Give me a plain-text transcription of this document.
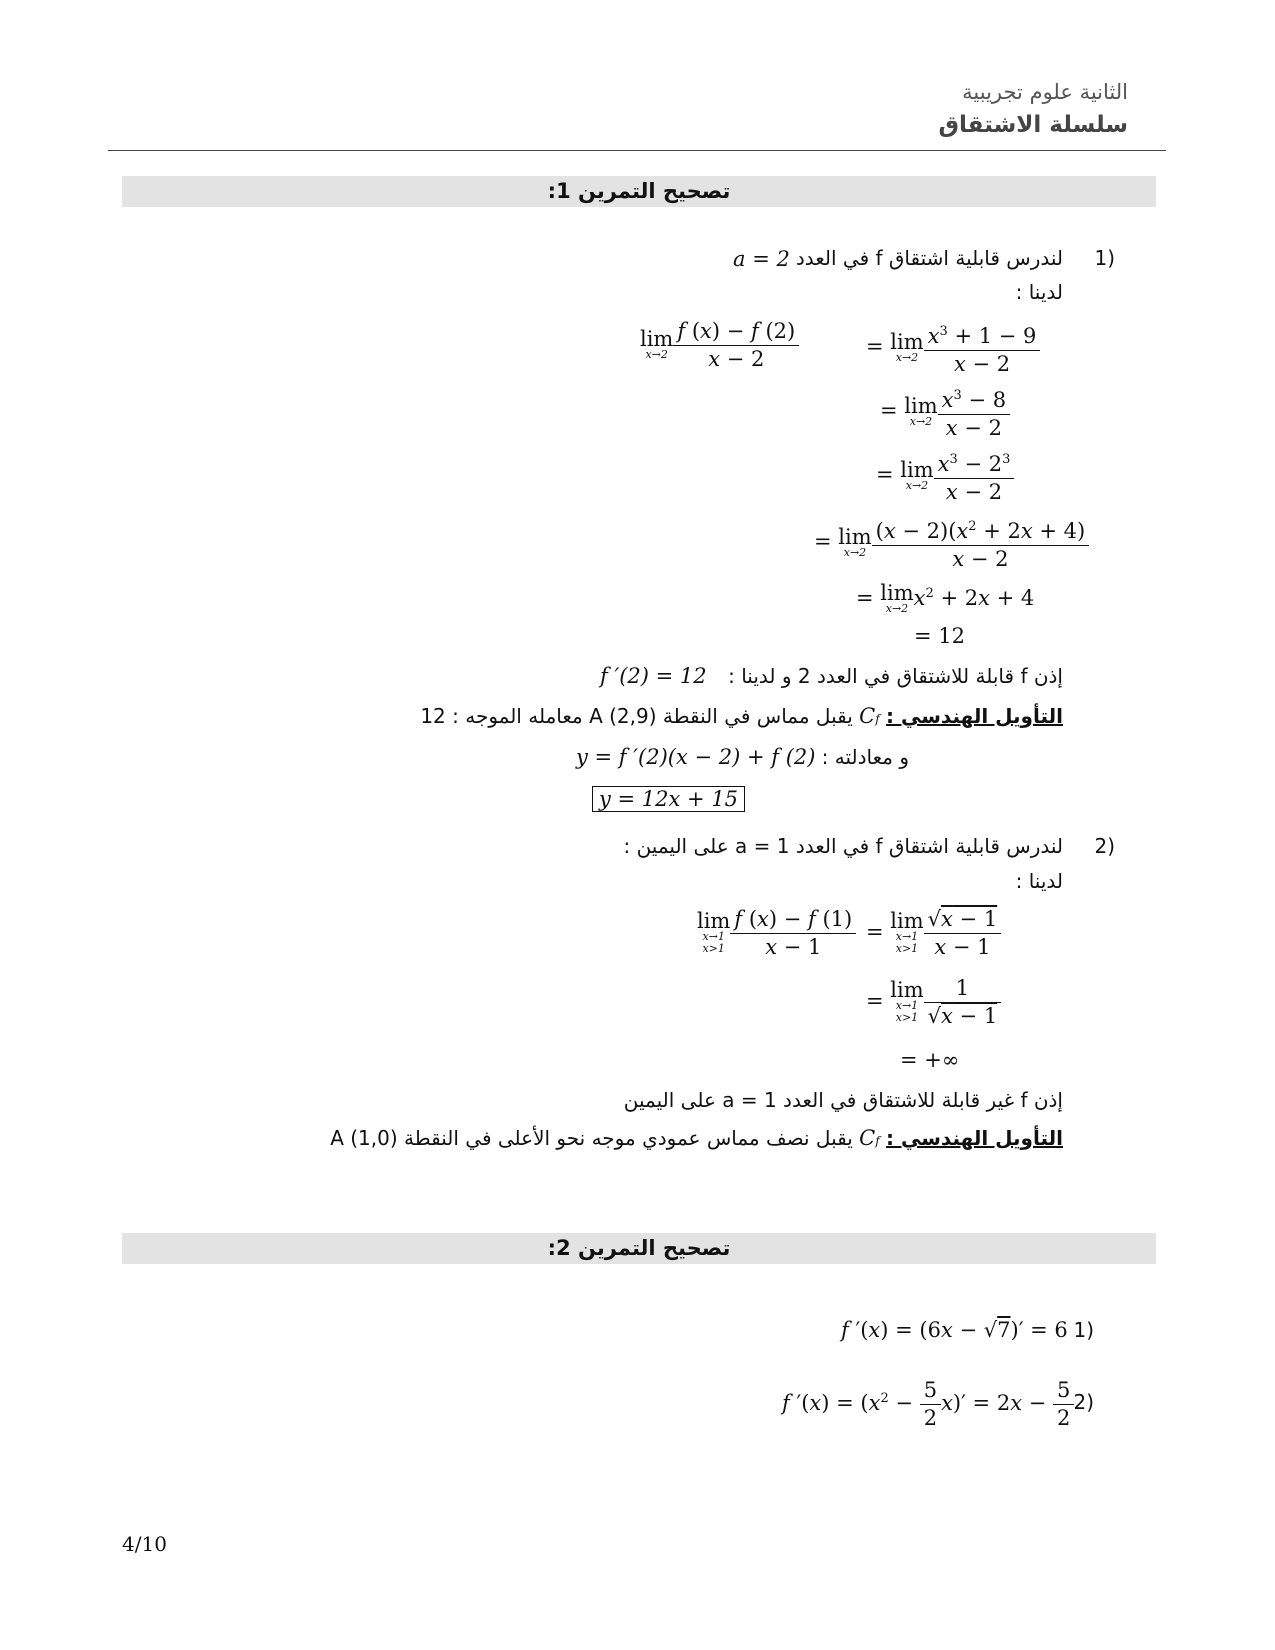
الثانية علوم تجريبية
سلسلة الاشتقاق
تصحيح التمرين 1:
(1
لندرس قابلية اشتقاق f في العدد
a = 2
لدينا :
lim
$x\to 2 \frac{f (x) - f (2)}{x - 2}$	= lim
$x\to 2 \frac{x^3 + 1 - 9}{x - 2}$
= lim
$x\to 2 \frac{x^3 - 8}{x - 2}$
= lim
$x\to 2 \frac{x^3 - 2^3}{x - 2}$
= lim
$x\to 2 \frac{(x - 2)(x^2 + 2x + 4)}{x - 2}$
= lim
x→2 $x^2 + 2x + 4$
= 12
إذن f قابلة للاشتقاق في العدد 2 و لدينا :
f ′(2) = 12
التأويل الهندسي : ‪Cf يقبل مماس في النقطة A (2,9) معامله الموجه : 12
و معادلته :
y = f ′(2)(x − 2) + f (2)
y = 12x + 15
(2
لندرس قابلية اشتقاق f في العدد a = 1 على اليمين :
لدينا :
lim
x→1
$x>1 \frac{f (x) - f (1)}{x - 1} = \lim$
x→1
$x>1 \frac{√x - 1}{x - 1}$
= lim
x→1
$x>1 \frac{1}{√x - 1}$
= +∞
إذن f غير قابلة للاشتقاق في العدد a = 1 على اليمين
التأويل الهندسي : ‪Cf يقبل نصف مماس عمودي موجه نحو الأعلى في النقطة A (1,0)
تصحيح التمرين 2:
f ′(x) = (6x − √7)′ = 6 (1
f $'(x) = (x^2 - \frac{5}{2} x)' = 2x - \frac{5}{2} (2$
4/10
